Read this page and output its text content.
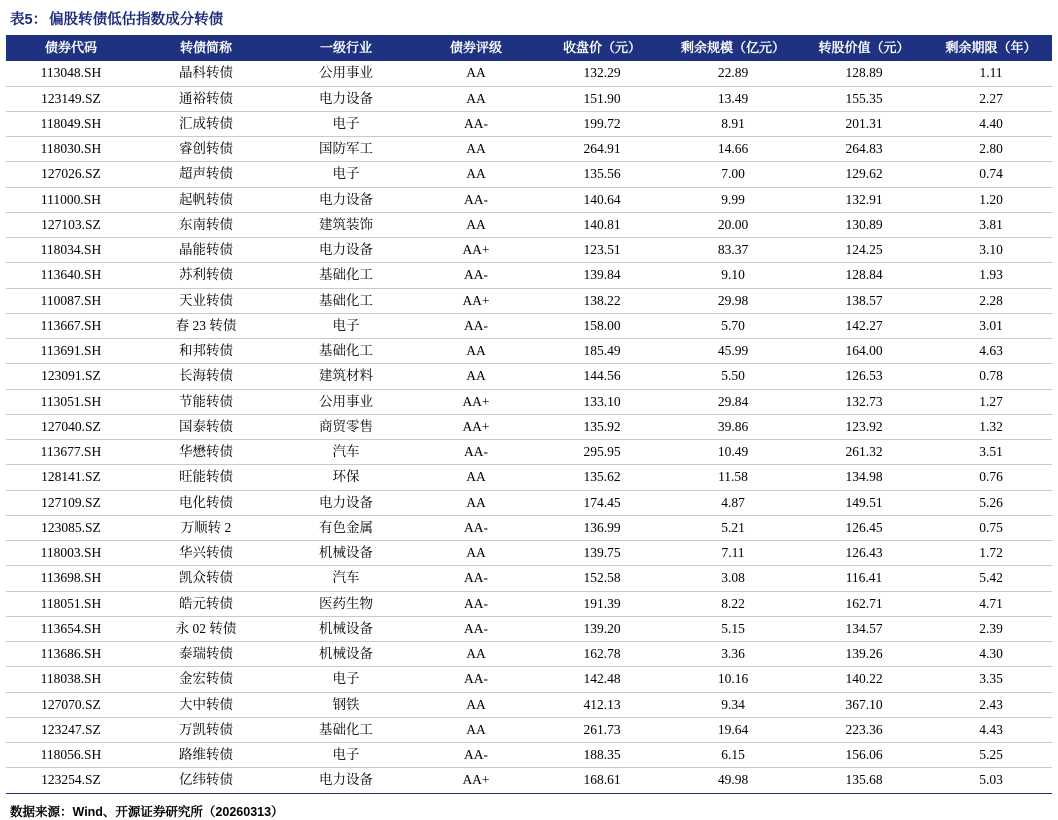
表5： 偏股转债低估指数成分转债
债券代码	转债简称	一级行业	债券评级	收盘价（元）	剩余规模（亿元）	转股价值（元）	剩余期限（年）
113048.SH	晶科转债	公用事业	AA	132.29	22.89	128.89	1.11
123149.SZ	通裕转债	电力设备	AA	151.90	13.49	155.35	2.27
118049.SH	汇成转债	电子	AA-	199.72	8.91	201.31	4.40
118030.SH	睿创转债	国防军工	AA	264.91	14.66	264.83	2.80
127026.SZ	超声转债	电子	AA	135.56	7.00	129.62	0.74
111000.SH	起帆转债	电力设备	AA-	140.64	9.99	132.91	1.20
127103.SZ	东南转债	建筑装饰	AA	140.81	20.00	130.89	3.81
118034.SH	晶能转债	电力设备	AA+	123.51	83.37	124.25	3.10
113640.SH	苏利转债	基础化工	AA-	139.84	9.10	128.84	1.93
110087.SH	天业转债	基础化工	AA+	138.22	29.98	138.57	2.28
113667.SH	春 23 转债	电子	AA-	158.00	5.70	142.27	3.01
113691.SH	和邦转债	基础化工	AA	185.49	45.99	164.00	4.63
123091.SZ	长海转债	建筑材料	AA	144.56	5.50	126.53	0.78
113051.SH	节能转债	公用事业	AA+	133.10	29.84	132.73	1.27
127040.SZ	国泰转债	商贸零售	AA+	135.92	39.86	123.92	1.32
113677.SH	华懋转债	汽车	AA-	295.95	10.49	261.32	3.51
128141.SZ	旺能转债	环保	AA	135.62	11.58	134.98	0.76
127109.SZ	电化转债	电力设备	AA	174.45	4.87	149.51	5.26
123085.SZ	万顺转 2	有色金属	AA-	136.99	5.21	126.45	0.75
118003.SH	华兴转债	机械设备	AA	139.75	7.11	126.43	1.72
113698.SH	凯众转债	汽车	AA-	152.58	3.08	116.41	5.42
118051.SH	皓元转债	医药生物	AA-	191.39	8.22	162.71	4.71
113654.SH	永 02 转债	机械设备	AA-	139.20	5.15	134.57	2.39
113686.SH	泰瑞转债	机械设备	AA	162.78	3.36	139.26	4.30
118038.SH	金宏转债	电子	AA-	142.48	10.16	140.22	3.35
127070.SZ	大中转债	钢铁	AA	412.13	9.34	367.10	2.43
123247.SZ	万凯转债	基础化工	AA	261.73	19.64	223.36	4.43
118056.SH	路维转债	电子	AA-	188.35	6.15	156.06	5.25
123254.SZ	亿纬转债	电力设备	AA+	168.61	49.98	135.68	5.03
数据来源：Wind、开源证券研究所（20260313）
